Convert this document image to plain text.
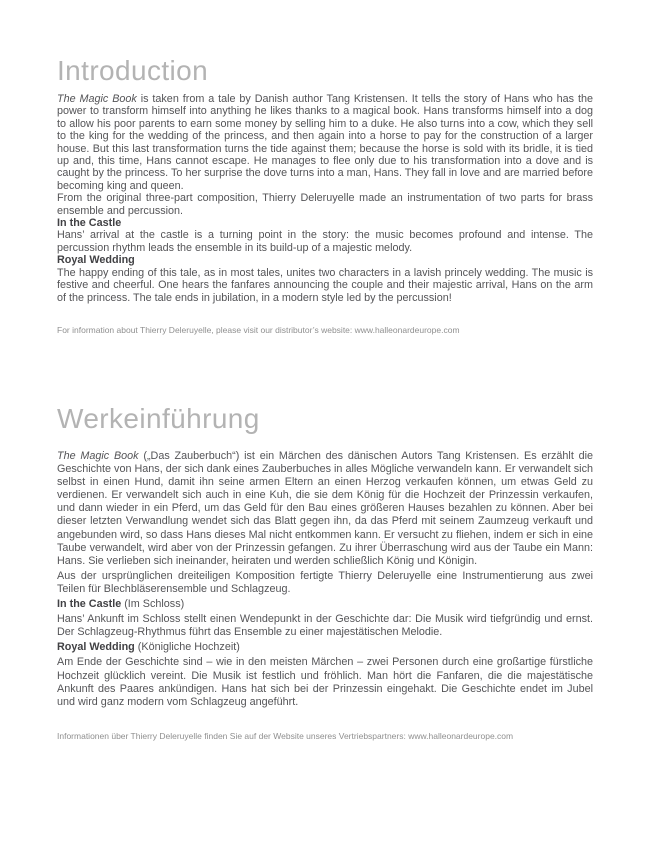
Introduction

The Magic Book is taken from a tale by Danish author Tang Kristensen. It tells the story of Hans who has the power to transform himself into anything he likes thanks to a magical book. Hans transforms himself into a dog to allow his poor parents to earn some money by selling him to a duke. He also turns into a cow, which they sell to the king for the wedding of the princess, and then again into a horse to pay for the construction of a larger house. But this last transformation turns the tide against them; because the horse is sold with its bridle, it is tied up and, this time, Hans cannot escape. He manages to flee only due to his transformation into a dove and is caught by the princess. To her surprise the dove turns into a man, Hans. They fall in love and are married before becoming king and queen.

From the original three-part composition, Thierry Deleruyelle made an instrumentation of two parts for brass ensemble and percussion.

In the Castle

Hans’ arrival at the castle is a turning point in the story: the music becomes profound and intense. The percussion rhythm leads the ensemble in its build-up of a majestic melody.

Royal Wedding

The happy ending of this tale, as in most tales, unites two characters in a lavish princely wedding. The music is festive and cheerful. One hears the fanfares announcing the couple and their majestic arrival, Hans on the arm of the princess. The tale ends in jubilation, in a modern style led by the percussion!

For information about Thierry Deleruyelle, please visit our distributor’s website: www.halleonardeurope.com
Werkeinführung

The Magic Book („Das Zauberbuch“) ist ein Märchen des dänischen Autors Tang Kristensen. Es erzählt die Geschichte von Hans, der sich dank eines Zauberbuches in alles Mögliche verwandeln kann. Er verwandelt sich selbst in einen Hund, damit ihn seine armen Eltern an einen Herzog verkaufen können, um etwas Geld zu verdienen. Er verwandelt sich auch in eine Kuh, die sie dem König für die Hochzeit der Prinzessin verkaufen, und dann wieder in ein Pferd, um das Geld für den Bau eines größeren Hauses bezahlen zu können. Aber bei dieser letzten Verwandlung wendet sich das Blatt gegen ihn, da das Pferd mit seinem Zaumzeug verkauft und angebunden wird, so dass Hans dieses Mal nicht entkommen kann. Er versucht zu fliehen, indem er sich in eine Taube verwandelt, wird aber von der Prinzessin gefangen. Zu ihrer Überraschung wird aus der Taube ein Mann: Hans. Sie verlieben sich ineinander, heiraten und werden schließlich König und Königin.

Aus der ursprünglichen dreiteiligen Komposition fertigte Thierry Deleruyelle eine Instrumentierung aus zwei Teilen für Blechbläserensemble und Schlagzeug.

In the Castle (Im Schloss)

Hans’ Ankunft im Schloss stellt einen Wendepunkt in der Geschichte dar: Die Musik wird tiefgründig und ernst. Der Schlagzeug-Rhythmus führt das Ensemble zu einer majestätischen Melodie.

Royal Wedding (Königliche Hochzeit)

Am Ende der Geschichte sind – wie in den meisten Märchen – zwei Personen durch eine großartige fürstliche Hochzeit glücklich vereint. Die Musik ist festlich und fröhlich. Man hört die Fanfaren, die die majestätische Ankunft des Paares ankündigen. Hans hat sich bei der Prinzessin eingehakt. Die Geschichte endet im Jubel und wird ganz modern vom Schlagzeug angeführt.

Informationen über Thierry Deleruyelle finden Sie auf der Website unseres Vertriebspartners: www.halleonardeurope.com
